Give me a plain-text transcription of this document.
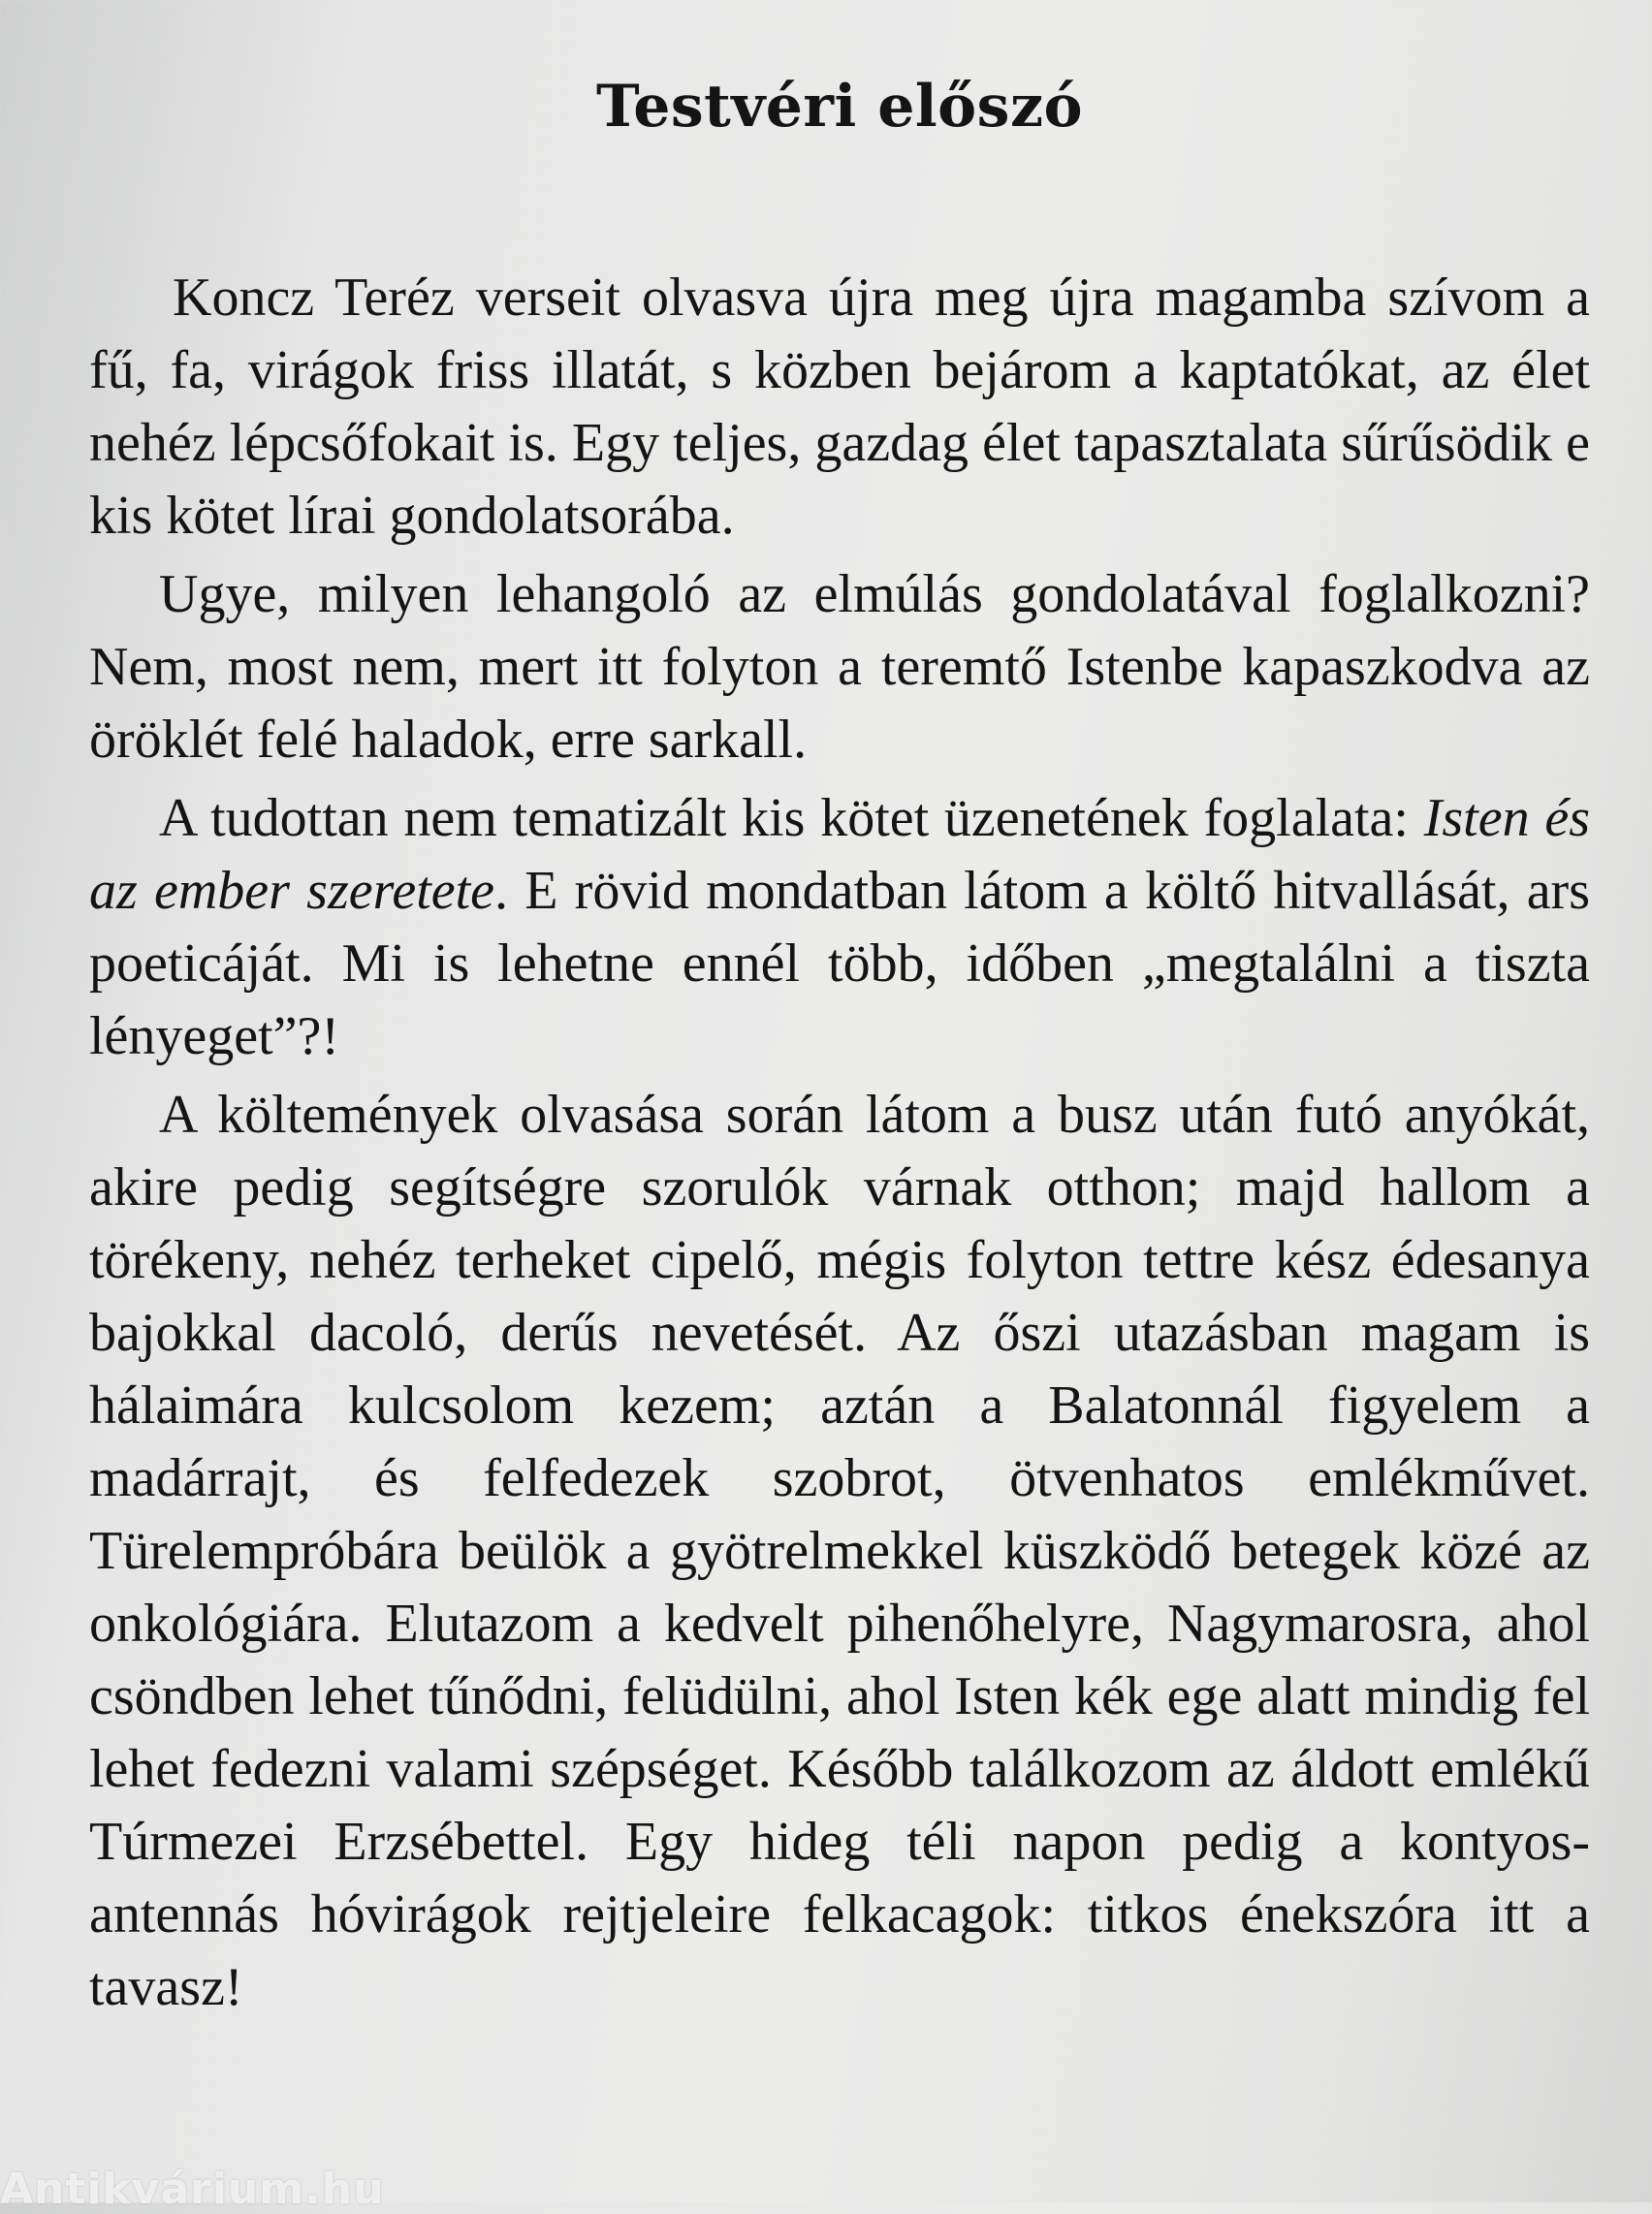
Testvéri előszó

Koncz Teréz verseit olvasva újra meg újra magamba szívom a fű, fa, virágok friss illatát, s közben bejárom a kaptatókat, az élet nehéz lépcsőfokait is. Egy teljes, gazdag élet tapasztalata sűrűsödik e kis kötet lírai gondolatsorába.

Ugye, milyen lehangoló az elmúlás gondolatával foglalkozni? Nem, most nem, mert itt folyton a teremtő Istenbe kapaszkodva az öröklét felé haladok, erre sarkall.

A tudottan nem tematizált kis kötet üzenetének foglalata: Isten és az ember szeretete. E rövid mondatban látom a költő hitvallását, ars poeticáját. Mi is lehetne ennél több, időben „megtalálni a tiszta lényeget”?!

A költemények olvasása során látom a busz után futó anyókát, akire pedig segítségre szorulók várnak otthon; majd hallom a törékeny, nehéz terheket cipelő, mégis folyton tettre kész édesanya bajokkal dacoló, derűs nevetését. Az őszi utazásban magam is hálaimára kulcsolom kezem; aztán a Balatonnál figyelem a madárrajt, és felfedezek szobrot, ötvenhatos emlékművet. Türelempróbára beülök a gyötrelmekkel küszködő betegek közé az onkológiára. Elutazom a kedvelt pihenőhelyre, Nagymarosra, ahol csöndben lehet tűnődni, felüdülni, ahol Isten kék ege alatt mindig fel lehet fedezni valami szépséget. Később találkozom az áldott emlékű Túrmezei Erzsébettel. Egy hideg téli napon pedig a kontyos-antennás hóvirágok rejtjeleire felkacagok: titkos énekszóra itt a tavasz!

Antikvárium.hu
